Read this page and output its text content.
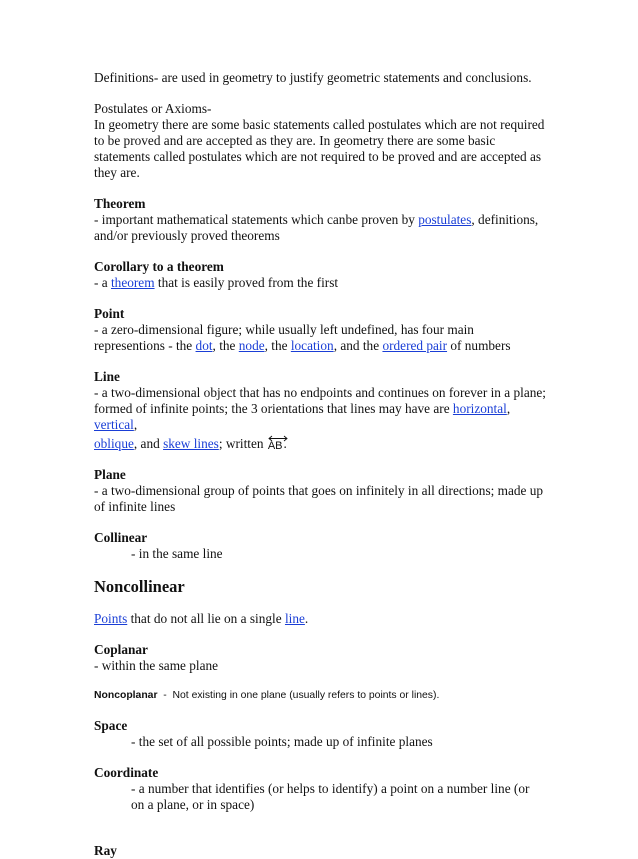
Definitions- are used in geometry to justify geometric statements and conclusions.

Postulates or Axioms-

In geometry there are some basic statements called postulates which are not required to be proved and are accepted as they are. In geometry there are some basic statements called postulates which are not required to be proved and are accepted as they are.

Theorem

- important mathematical statements which canbe proven by postulates, definitions, and/or previously proved theorems

Corollary to a theorem

- a theorem that is easily proved from the first

Point

- a zero-dimensional figure; while usually left undefined, has four main representions - the dot, the node, the location, and the ordered pair of numbers

Line

- a two-dimensional object that has no endpoints and continues on forever in a plane; formed of infinite points; the 3 orientations that lines may have are horizontal, vertical,

oblique, and skew lines; written
AB.

Plane

- a two-dimensional group of points that goes on infinitely in all directions; made up of infinite lines

Collinear

- in the same line

Noncollinear

Points that do not all lie on a single line.

Coplanar

- within the same plane

Noncoplanar  -  Not existing in one plane (usually refers to points or lines).

Space

- the set of all possible points; made up of infinite planes

Coordinate

- a number that identifies (or helps to identify) a point on a number line (or on a plane, or in space)

Ray
